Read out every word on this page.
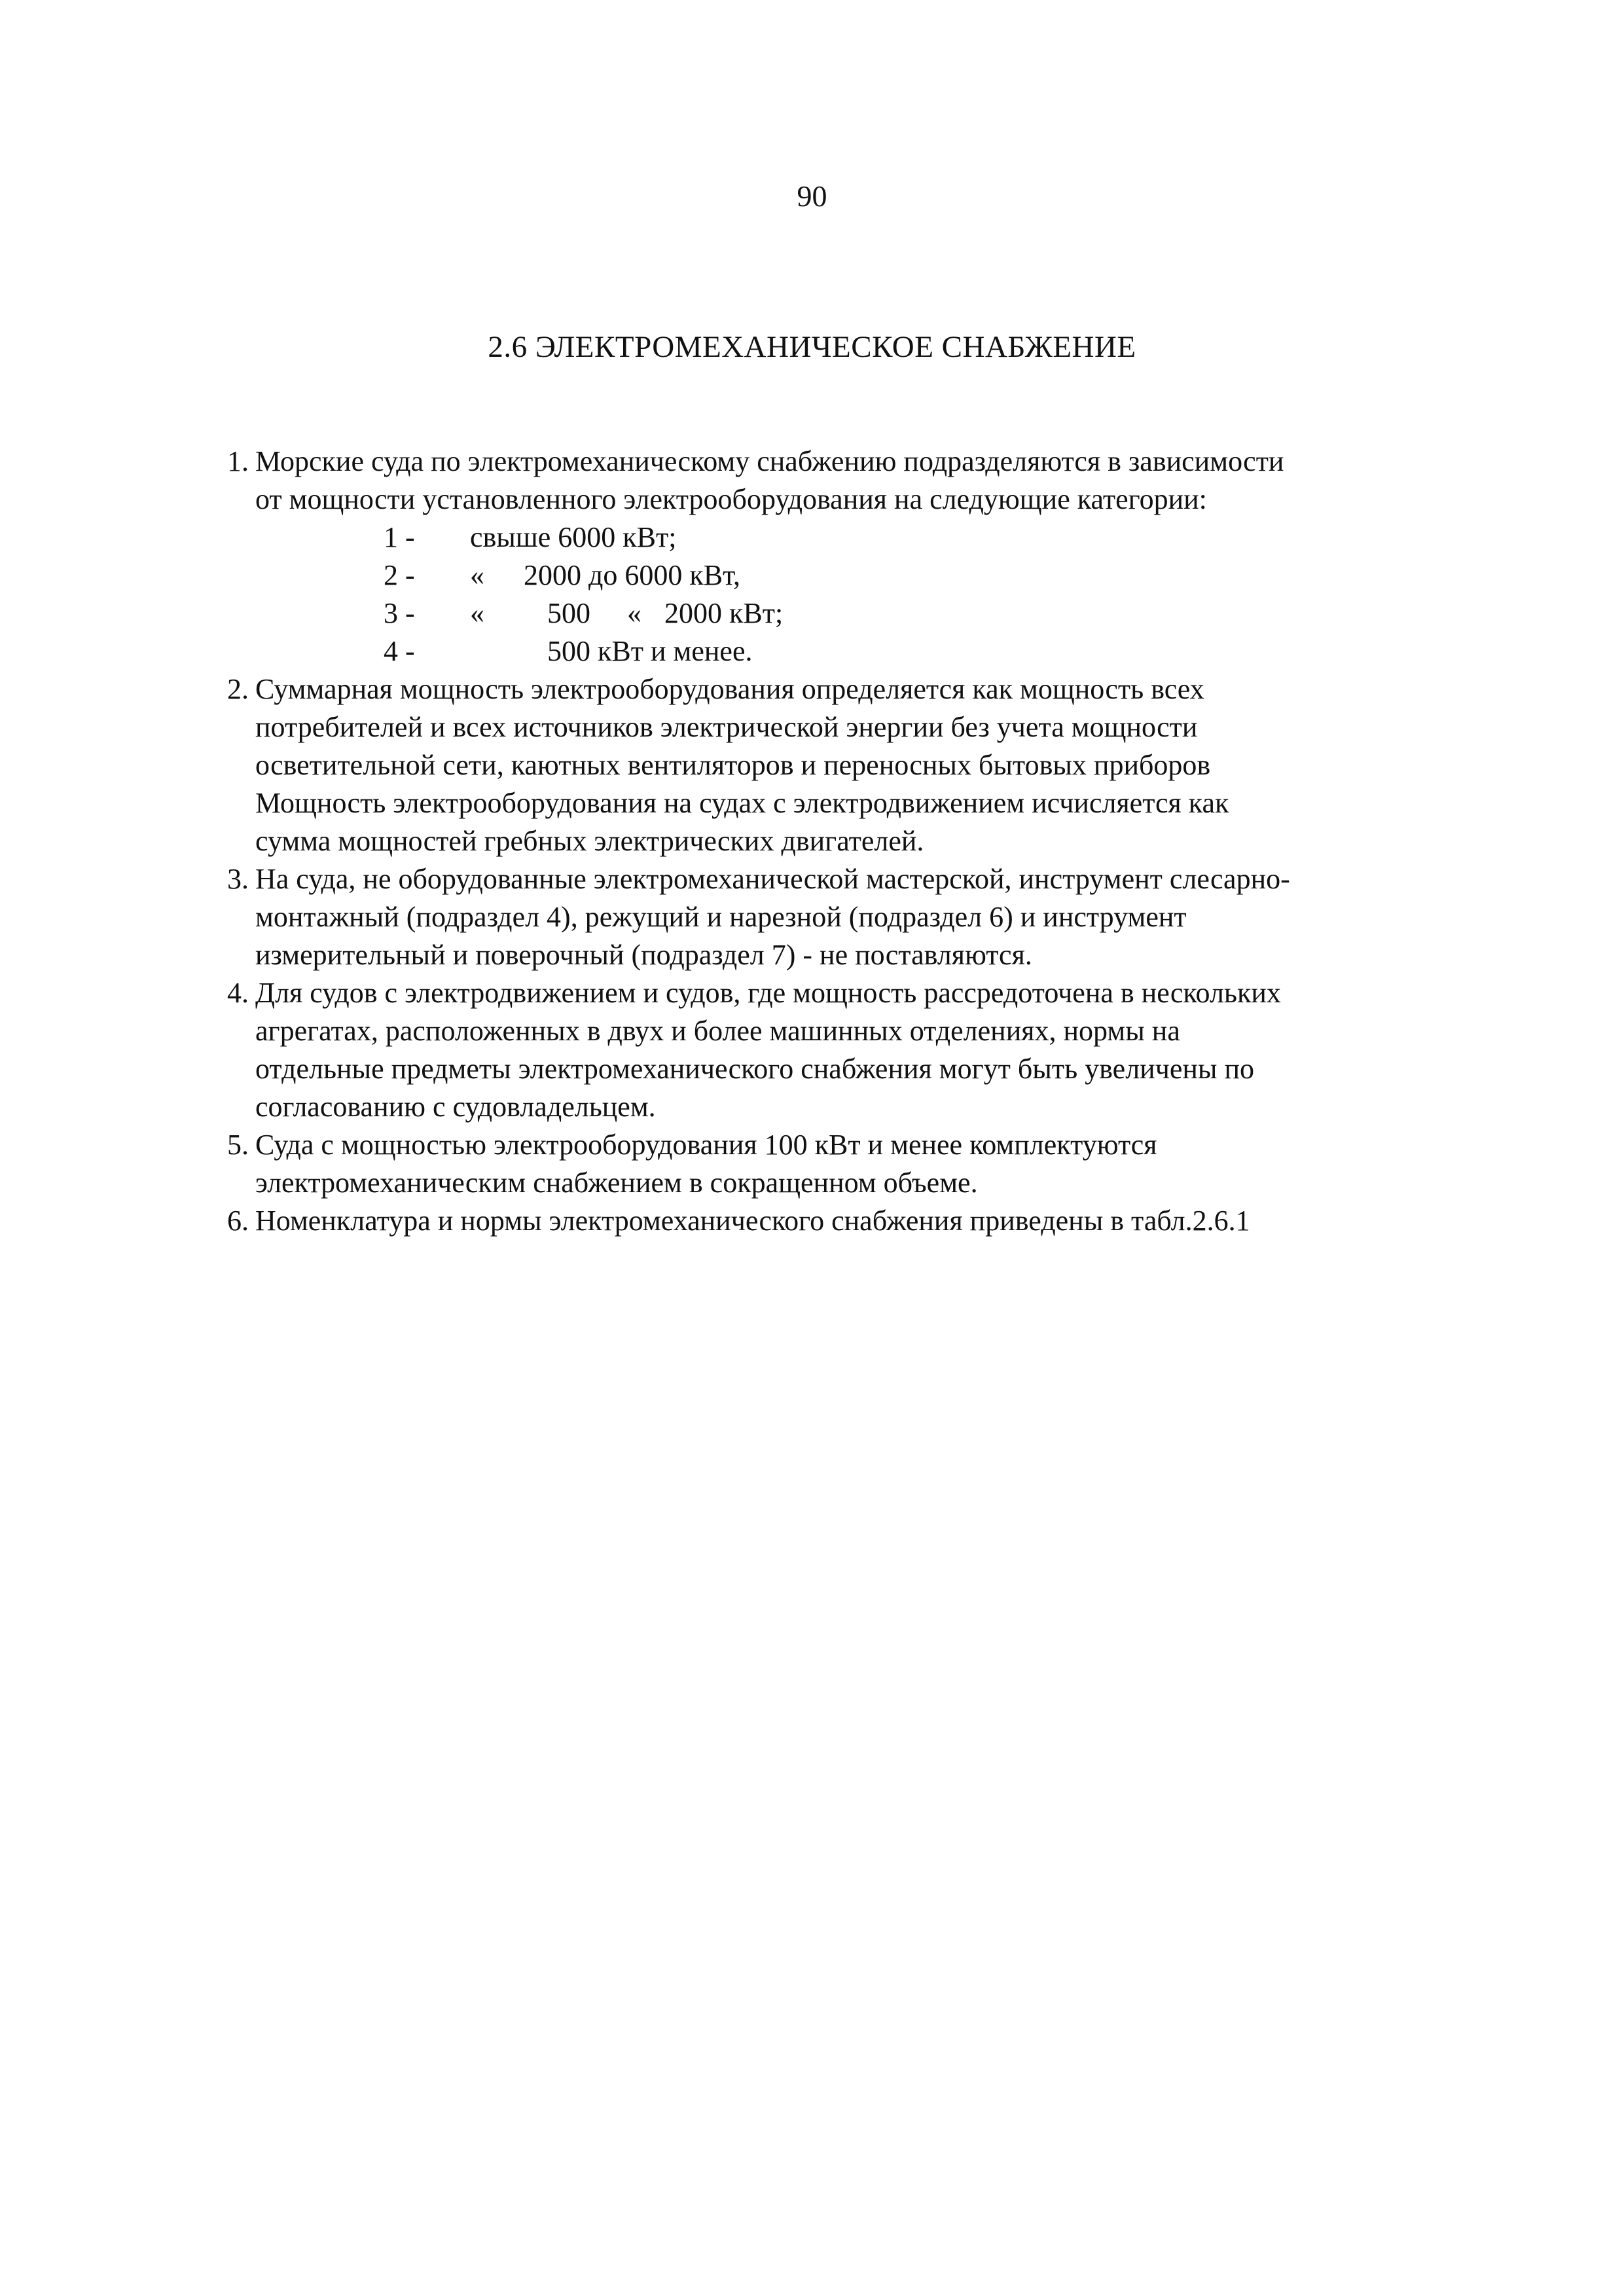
90
2.6 ЭЛЕКТРОМЕХАНИЧЕСКОЕ СНАБЖЕНИЕ
1. Морские суда по электромеханическому снабжению подразделяются в зависимости
от мощности установленного электрооборудования на следующие категории:
1 - свыше 6000 кВт;
2 - « 2000 до 6000 кВт,
3 - « 500 « 2000 кВт;
4 -	500 кВт и менее.
2. Суммарная мощность электрооборудования определяется как мощность всех
потребителей и всех источников электрической энергии без учета мощности
осветительной сети, каютных вентиляторов и переносных бытовых приборов
Мощность электрооборудования на судах с электродвижением исчисляется как
сумма мощностей гребных электрических двигателей.
3. На суда, не оборудованные электромеханической мастерской, инструмент слесарно-
монтажный (подраздел 4), режущий и нарезной (подраздел 6) и инструмент
измерительный и поверочный (подраздел 7) - не поставляются.
4. Для судов с электродвижением и судов, где мощность рассредоточена в нескольких
агрегатах, расположенных в двух и более машинных отделениях, нормы на
отдельные предметы электромеханического снабжения могут быть увеличены по
согласованию с судовладельцем.
5. Суда с мощностью электрооборудования 100 кВт и менее комплектуются
электромеханическим снабжением в сокращенном объеме.
6. Номенклатура и нормы электромеханического снабжения приведены в табл.2.6.1
